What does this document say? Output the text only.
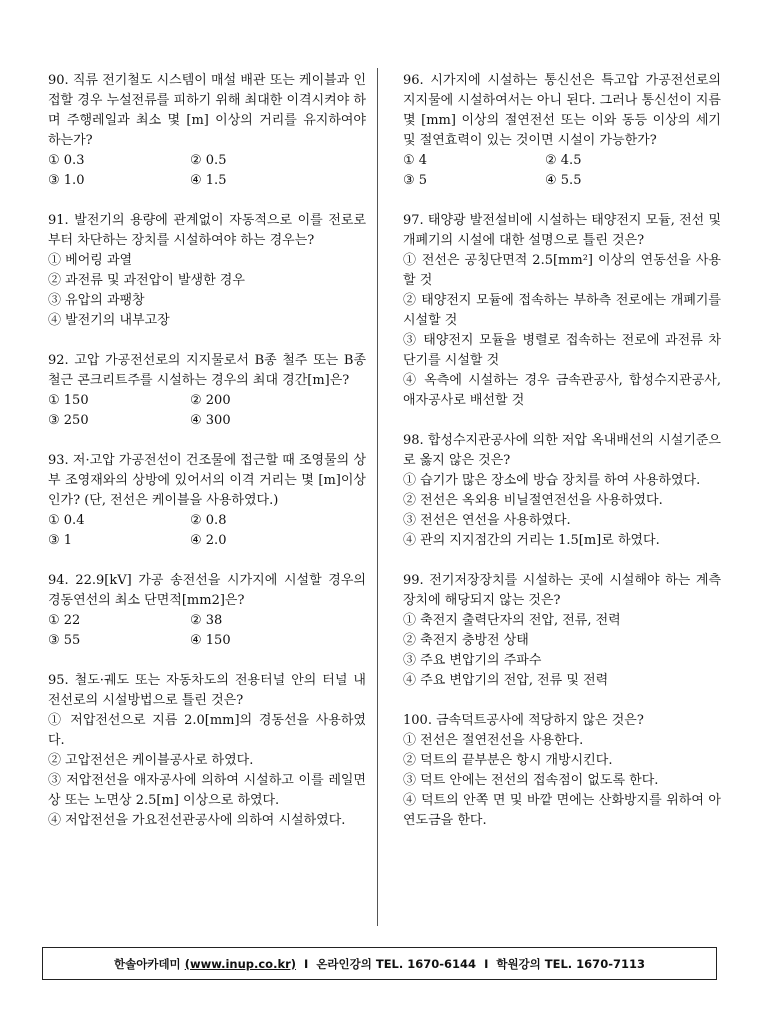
90. 직류 전기철도 시스템이 매설 배관 또는 케이블과 인접할 경우 누설전류를 피하기 위해 최대한 이격시켜야 하며 주행레일과 최소 몇 [m] 이상의 거리를 유지하여야 하는가?

① 0.3	② 0.5
③ 1.0	④ 1.5

91. 발전기의 용량에 관계없이 자동적으로 이를 전로로부터 차단하는 장치를 시설하여야 하는 경우는?

① 베어링 과열

② 과전류 및 과전압이 발생한 경우

③ 유압의 과팽창

④ 발전기의 내부고장

92. 고압 가공전선로의 지지물로서 B종 철주 또는 B종 철근 콘크리트주를 시설하는 경우의 최대 경간[m]은?

① 150	② 200
③ 250	④ 300

93. 저·고압 가공전선이 건조물에 접근할 때 조영물의 상부 조영재와의 상방에 있어서의 이격 거리는 몇 [m]이상인가? (단, 전선은 케이블을 사용하였다.)

① 0.4	② 0.8
③ 1	④ 2.0

94. 22.9[kV] 가공 송전선을 시가지에 시설할 경우의 경동연선의 최소 단면적[mm2]은?

① 22	② 38
③ 55	④ 150

95. 철도·궤도 또는 자동차도의 전용터널 안의 터널 내 전선로의 시설방법으로 틀린 것은?

① 저압전선으로 지름 2.0[mm]의 경동선을 사용하였다.

② 고압전선은 케이블공사로 하였다.

③ 저압전선을 애자공사에 의하여 시설하고 이를 레일면상 또는 노면상 2.5[m] 이상으로 하였다.

④ 저압전선을 가요전선관공사에 의하여 시설하였다.

96. 시가지에 시설하는 통신선은 특고압 가공전선로의 지지물에 시설하여서는 아니 된다. 그러나 통신선이 지름 몇 [mm] 이상의 절연전선 또는 이와 동등 이상의 세기 및 절연효력이 있는 것이면 시설이 가능한가?

① 4	② 4.5
③ 5	④ 5.5

97. 태양광 발전설비에 시설하는 태양전지 모듈, 전선 및 개폐기의 시설에 대한 설명으로 틀린 것은?

① 전선은 공칭단면적 2.5[mm²] 이상의 연동선을 사용할 것

② 태양전지 모듈에 접속하는 부하측 전로에는 개폐기를 시설할 것

③ 태양전지 모듈을 병렬로 접속하는 전로에 과전류 차단기를 시설할 것

④ 옥측에 시설하는 경우 금속관공사, 합성수지관공사, 애자공사로 배선할 것

98. 합성수지관공사에 의한 저압 옥내배선의 시설기준으로 옳지 않은 것은?

① 습기가 많은 장소에 방습 장치를 하여 사용하였다.

② 전선은 옥외용 비닐절연전선을 사용하였다.

③ 전선은 연선을 사용하였다.

④ 관의 지지점간의 거리는 1.5[m]로 하였다.

99. 전기저장장치를 시설하는 곳에 시설해야 하는 계측장치에 해당되지 않는 것은?

① 축전지 출력단자의 전압, 전류, 전력

② 축전지 충방전 상태

③ 주요 변압기의 주파수

④ 주요 변압기의 전압, 전류 및 전력

100. 금속덕트공사에 적당하지 않은 것은?

① 전선은 절연전선을 사용한다.

② 덕트의 끝부분은 항시 개방시킨다.

③ 덕트 안에는 전선의 접속점이 없도록 한다.

④ 덕트의 안쪽 면 및 바깥 면에는 산화방지를 위하여 아연도금을 한다.

한솔아카데미
(www.inup.co.kr) I 온라인강의 TEL. 1670-6144 I 학원강의 TEL. 1670-7113
